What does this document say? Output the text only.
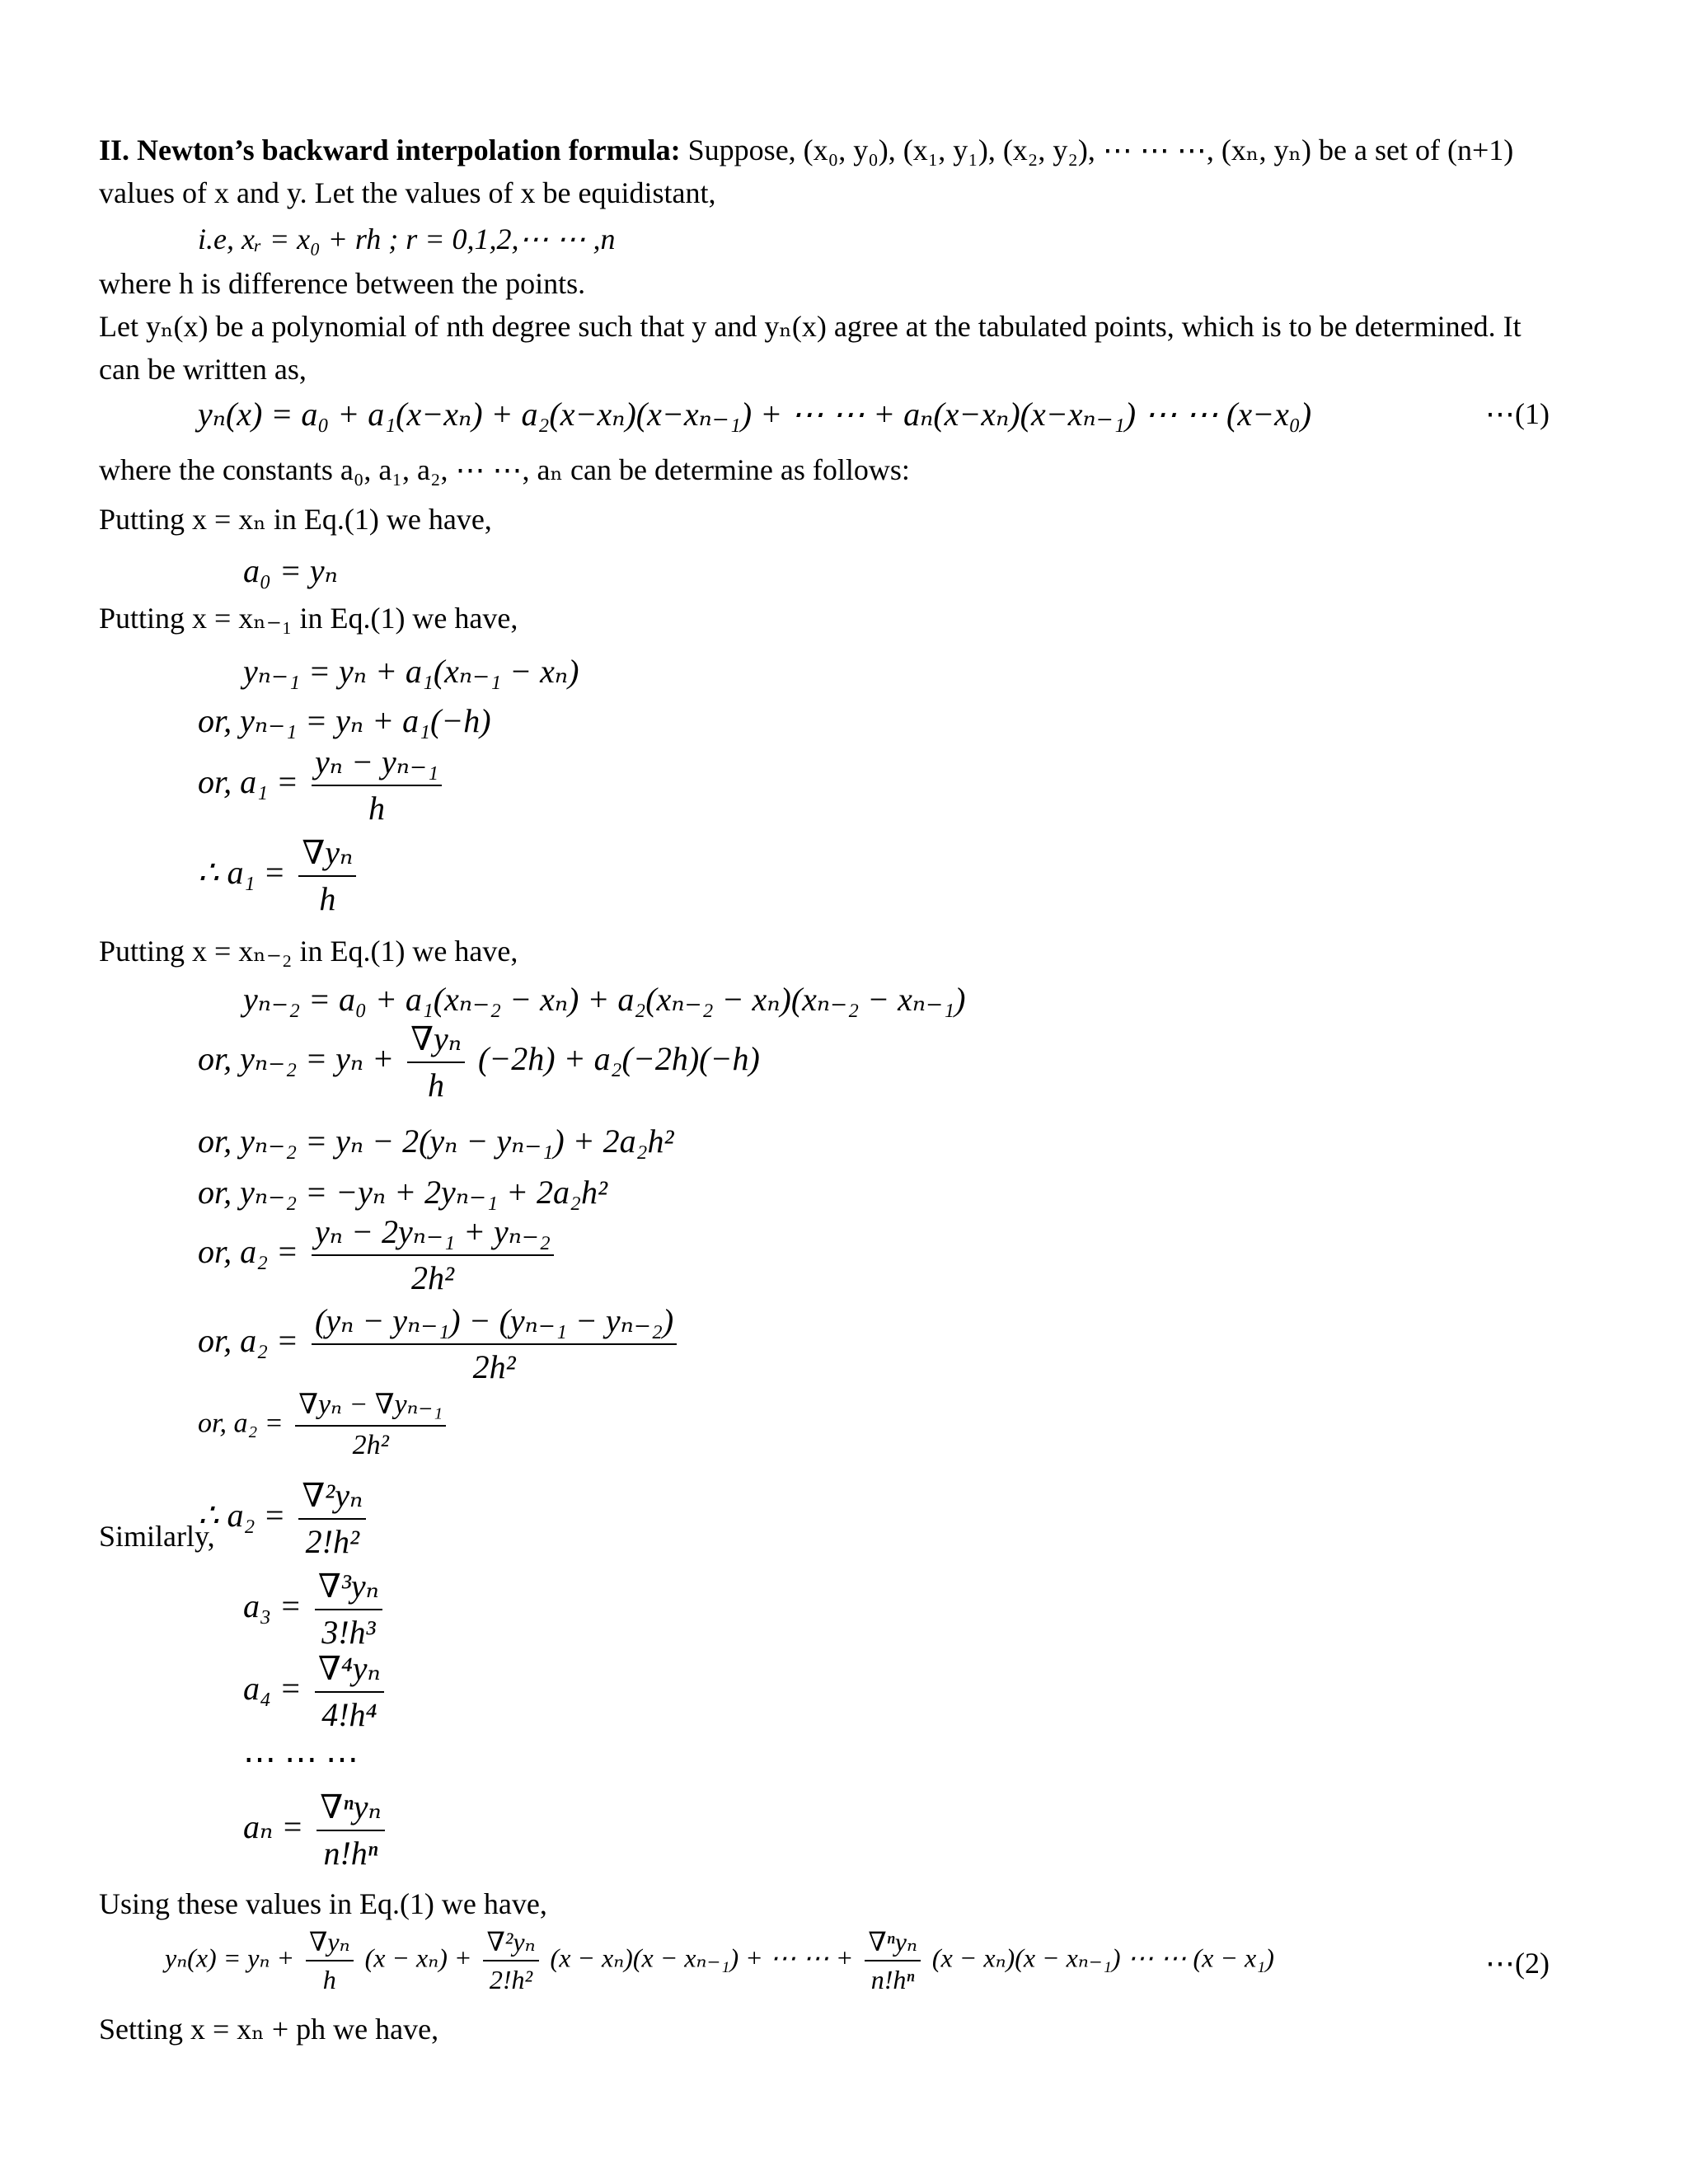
II. Newton’s backward interpolation formula: Suppose, (x₀, y₀), (x₁, y₁), (x₂, y₂), ⋯ ⋯ ⋯, (xₙ, yₙ) be a set of (n+1)
values of x and y. Let the values of x be equidistant,
i.e, xᵣ = x₀ + rh ; r = 0,1,2,⋯ ⋯ ,n
where h is difference between the points.
Let yₙ(x) be a polynomial of nth degree such that y and yₙ(x) agree at the tabulated points, which is to be determined. It
can be written as,
yₙ(x) = a₀ + a₁(x−xₙ) + a₂(x−xₙ)(x−xₙ₋₁) + ⋯ ⋯ + aₙ(x−xₙ)(x−xₙ₋₁) ⋯ ⋯ (x−x₀)	⋯(1)
where the constants a₀, a₁, a₂, ⋯ ⋯, aₙ can be determine as follows:
Putting x = xₙ in Eq.(1) we have,
a₀ = yₙ
Putting x = xₙ₋₁ in Eq.(1) we have,
yₙ₋₁ = yₙ + a₁(xₙ₋₁ − xₙ)
or, yₙ₋₁ = yₙ + a₁(−h)
or, $a_1 = \frac{\text{yₙ − yₙ₋₁}}{h}$
∴ $a_1 = \frac{\text{∇yₙ}}{h}$
Putting x = xₙ₋₂ in Eq.(1) we have,
yₙ₋₂ = a₀ + a₁(xₙ₋₂ − xₙ) + a₂(xₙ₋₂ − xₙ)(xₙ₋₂ − xₙ₋₁)
or, $y_{n-2} = y_n + \frac{\text{∇yₙ}}{h} (-2h) + a_2(-2h)(-h)$
or, yₙ₋₂ = yₙ − 2(yₙ − yₙ₋₁) + 2a₂h²
or, yₙ₋₂ = −yₙ + 2yₙ₋₁ + 2a₂h²
or, $a_2 = \frac{\text{yₙ − 2yₙ₋₁ + yₙ₋₂}}{\text{2h²}}$
or, $a_2 = \frac{\text{(yₙ − yₙ₋₁) − (yₙ₋₁ − yₙ₋₂)}}{\text{2h²}}$
or, $a_2 = \frac{\text{∇yₙ − ∇yₙ₋₁}}{\text{2h²}}$
∴ $a_2 = \frac{\text{∇²yₙ}}{\text{2!h²}}$
Similarly,
$a_3 = \frac{\text{∇³yₙ}}{\text{3!h³}}$
$a_4 = \frac{\text{∇⁴yₙ}}{\text{4!h⁴}}$
⋯ ⋯ ⋯
$a_n = \frac{\text{∇ⁿyₙ}}{\text{n!hⁿ}}$
Using these values in Eq.(1) we have,
$y_n(x) = y_n + \frac{\text{∇yₙ}}{h} (x - x_n) + \frac{\text{∇²yₙ}}{\text{2!h²}} (x - x_n)(x - x_{n-1})$ + ⋯ ⋯ + $\frac{\text{∇ⁿyₙ}}{\text{n!hⁿ}} (x - x_n)(x - x_{n-1})$ ⋯ ⋯ (x − x₁)	⋯(2)
Setting x = xₙ + ph we have,
